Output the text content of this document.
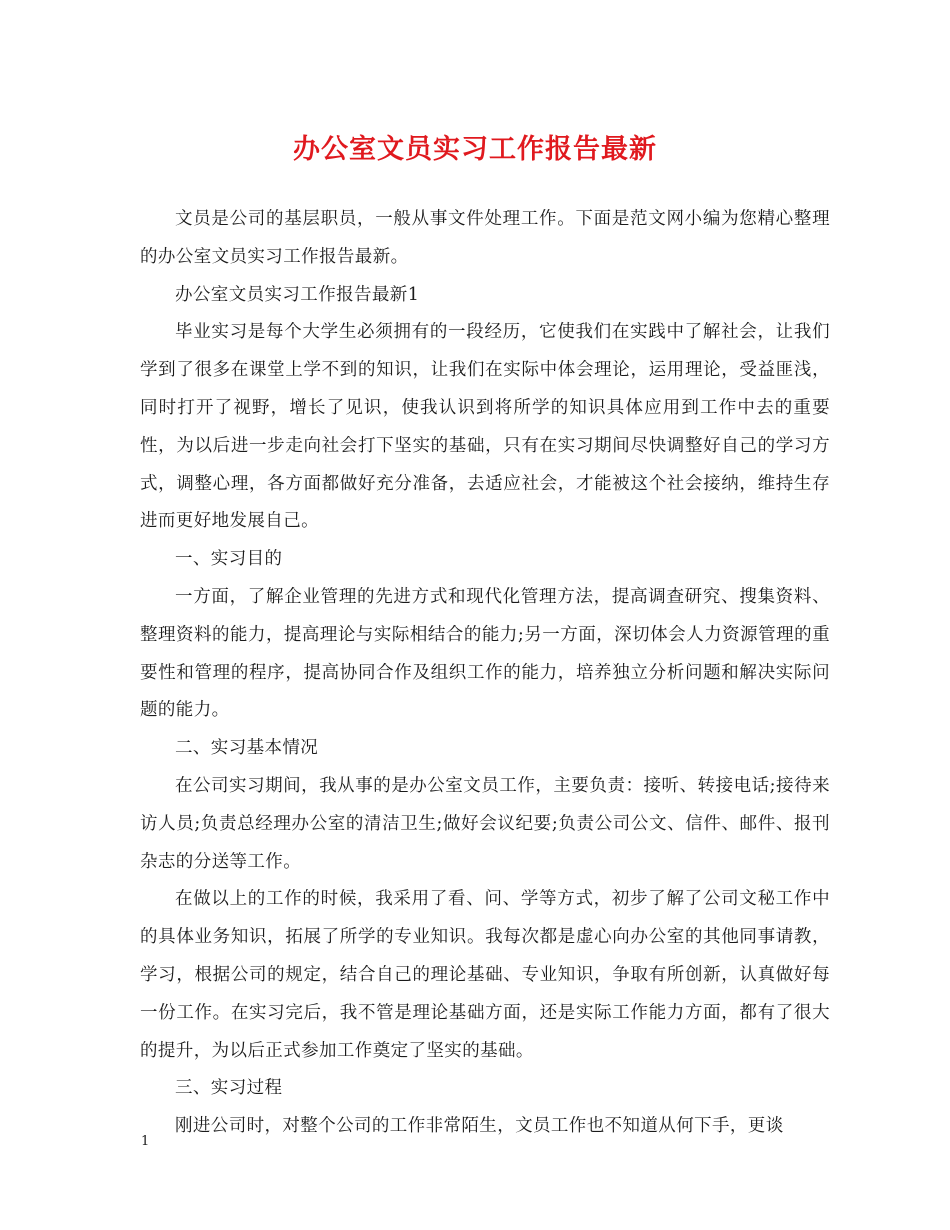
办公室文员实习工作报告最新

文员是公司的基层职员，一般从事文件处理工作。下面是范文网小编为您精心整理的办公室文员实习工作报告最新。

办公室文员实习工作报告最新1

毕业实习是每个大学生必须拥有的一段经历，它使我们在实践中了解社会，让我们学到了很多在课堂上学不到的知识，让我们在实际中体会理论，运用理论，受益匪浅，同时打开了视野，增长了见识，使我认识到将所学的知识具体应用到工作中去的重要性，为以后进一步走向社会打下坚实的基础，只有在实习期间尽快调整好自己的学习方式，调整心理，各方面都做好充分准备，去适应社会，才能被这个社会接纳，维持生存进而更好地发展自己。

一、实习目的

一方面，了解企业管理的先进方式和现代化管理方法，提高调查研究、搜集资料、整理资料的能力，提高理论与实际相结合的能力;另一方面，深切体会人力资源管理的重要性和管理的程序，提高协同合作及组织工作的能力，培养独立分析问题和解决实际问题的能力。

二、实习基本情况

在公司实习期间，我从事的是办公室文员工作，主要负责：接听、转接电话;接待来访人员;负责总经理办公室的清洁卫生;做好会议纪要;负责公司公文、信件、邮件、报刊杂志的分送等工作。

在做以上的工作的时候，我采用了看、问、学等方式，初步了解了公司文秘工作中的具体业务知识，拓展了所学的专业知识。我每次都是虚心向办公室的其他同事请教，学习，根据公司的规定，结合自己的理论基础、专业知识，争取有所创新，认真做好每一份工作。在实习完后，我不管是理论基础方面，还是实际工作能力方面，都有了很大的提升，为以后正式参加工作奠定了坚实的基础。

三、实习过程

刚进公司时，对整个公司的工作非常陌生，文员工作也不知道从何下手，更谈

1
